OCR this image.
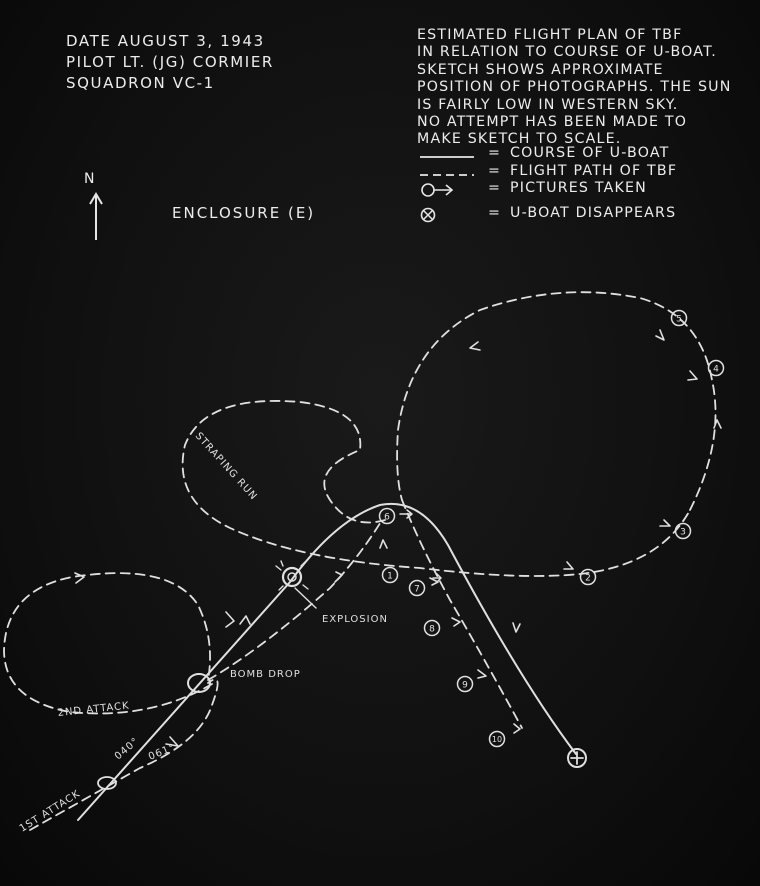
DATE AUGUST 3, 1943
PILOT LT. (JG) CORMIER
SQUADRON VC-1
ESTIMATED FLIGHT PLAN OF TBF
IN RELATION TO COURSE OF U-BOAT.
SKETCH SHOWS APPROXIMATE
POSITION OF PHOTOGRAPHS. THE SUN
IS FAIRLY LOW IN WESTERN SKY.
NO ATTEMPT HAS BEEN MADE TO
MAKE SKETCH TO SCALE.
= COURSE OF U-BOAT
= FLIGHT PATH OF TBF
= PICTURES TAKEN
= U-BOAT DISAPPEARS
N
ENCLOSURE (E)
1	2
3
4
5
6
7
8
9
10
STRAPING RUN
EXPLOSION
BOMB DROP
2ND ATTACK
1ST ATTACK
040° 061°
